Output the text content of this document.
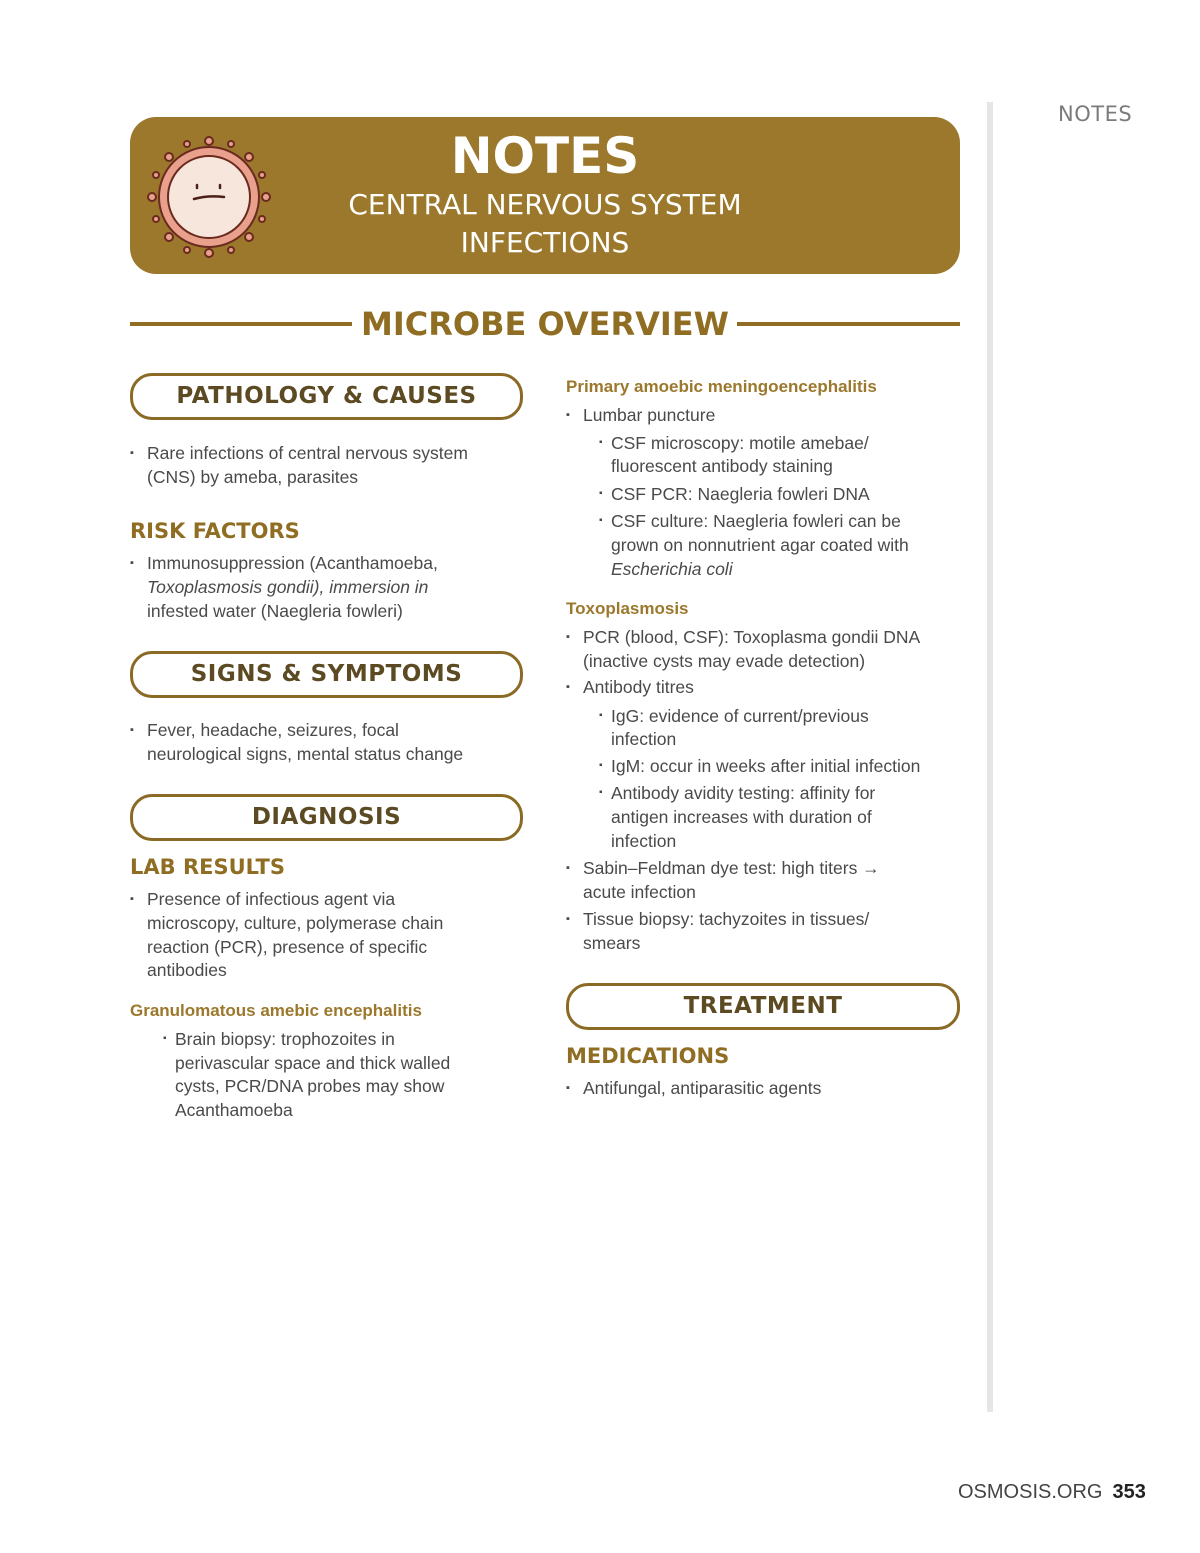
NOTES
NOTES
CENTRAL NERVOUS SYSTEM
INFECTIONS
MICROBE OVERVIEW
PATHOLOGY & CAUSES
▪ Rare infections of central nervous system
(CNS) by ameba, parasites
RISK FACTORS
▪ Immunosuppression (Acanthamoeba,
Toxoplasmosis gondii), immersion in
infested water (Naegleria fowleri)
SIGNS & SYMPTOMS
▪ Fever, headache, seizures, focal
neurological signs, mental status change
DIAGNOSIS
LAB RESULTS
▪ Presence of infectious agent via
microscopy, culture, polymerase chain
reaction (PCR), presence of specific
antibodies
Granulomatous amebic encephalitis
▪ Brain biopsy: trophozoites in
perivascular space and thick walled
cysts, PCR/DNA probes may show
Acanthamoeba
Primary amoebic meningoencephalitis
▪ Lumbar puncture
▪ CSF microscopy: motile amebae/
fluorescent antibody staining
▪ CSF PCR: Naegleria fowleri DNA
▪ CSF culture: Naegleria fowleri can be
grown on nonnutrient agar coated with
Escherichia coli
Toxoplasmosis
▪ PCR (blood, CSF): Toxoplasma gondii DNA
(inactive cysts may evade detection)
▪ Antibody titres
▪ IgG: evidence of current/previous
infection
▪ IgM: occur in weeks after initial infection
▪ Antibody avidity testing: affinity for
antigen increases with duration of
infection
▪ Sabin–Feldman dye test: high titers →
acute infection
▪ Tissue biopsy: tachyzoites in tissues/
smears
TREATMENT
MEDICATIONS
▪ Antifungal, antiparasitic agents
OSMOSIS.ORG 353
